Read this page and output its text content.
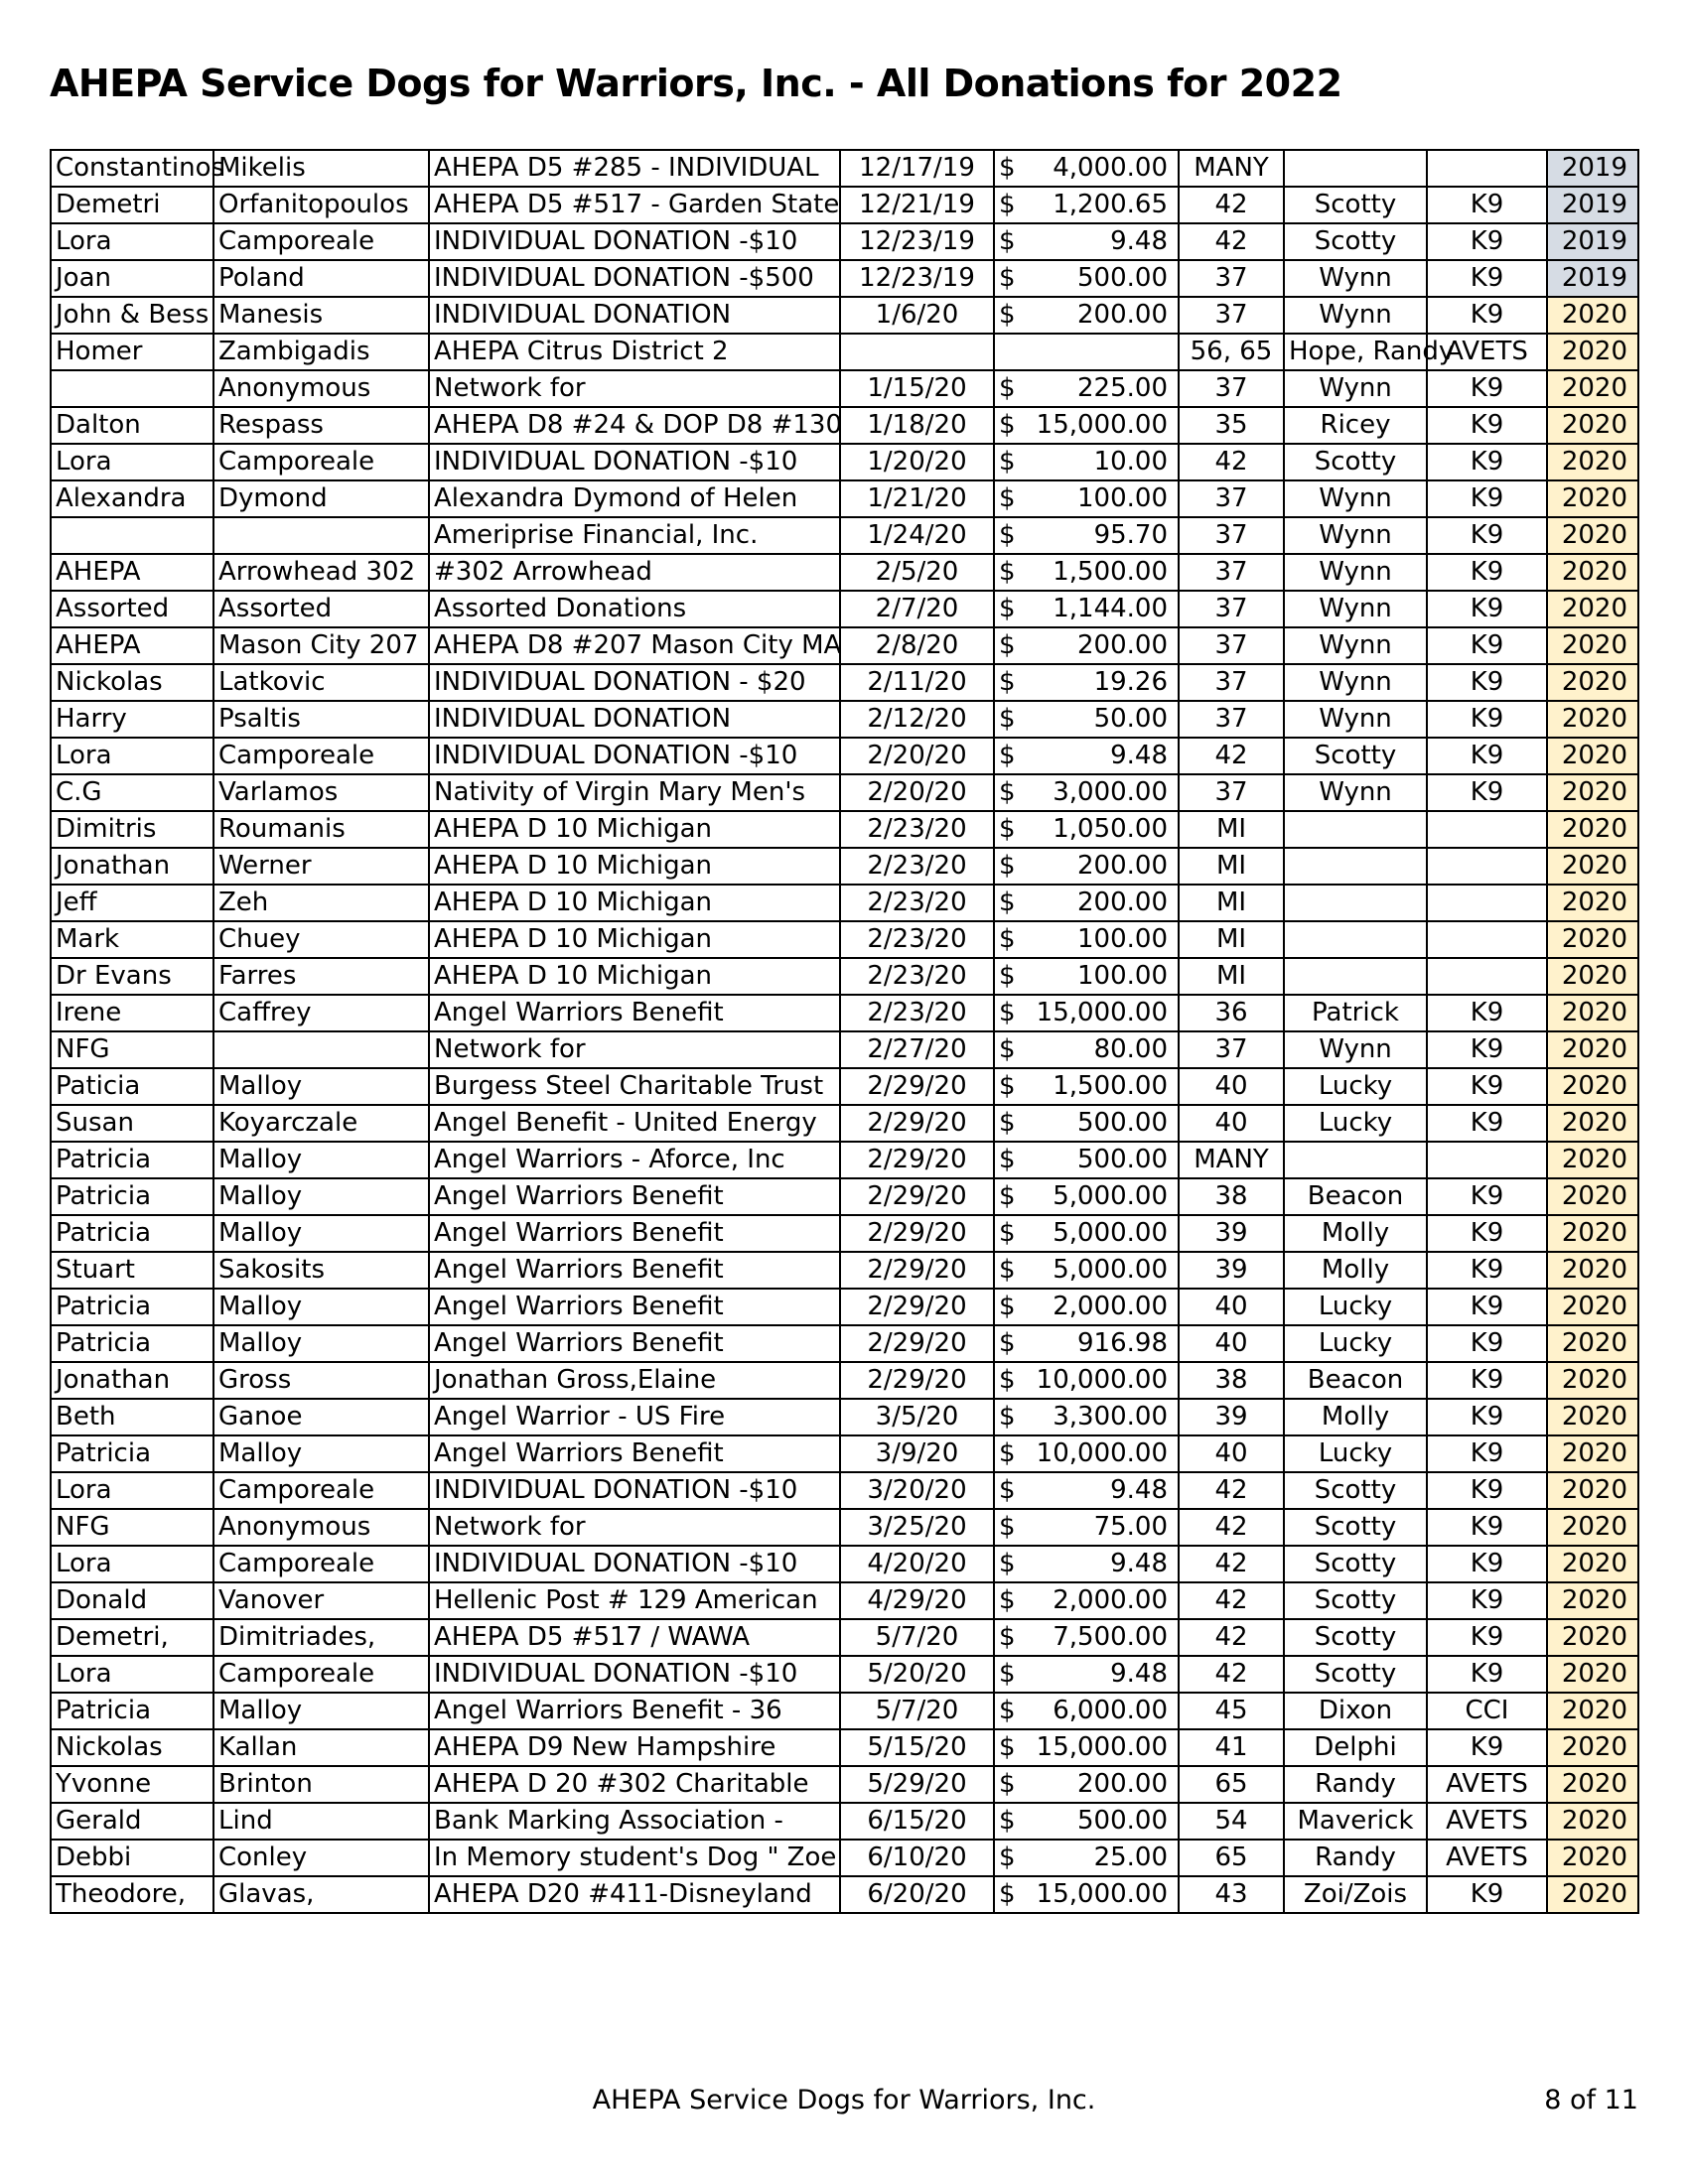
AHEPA Service Dogs for Warriors, Inc. - All Donations for 2022
Constantinos	Mikelis	AHEPA D5 #285 - INDIVIDUAL	12/17/19	$ 4,000.00	MANY			2019
Demetri	Orfanitopoulos	AHEPA D5 #517 - Garden State	12/21/19	$ 1,200.65	42	Scotty	K9	2019
Lora	Camporeale	INDIVIDUAL DONATION -$10	12/23/19	$ 9.48	42	Scotty	K9	2019
Joan	Poland	INDIVIDUAL DONATION -$500	12/23/19	$ 500.00	37	Wynn	K9	2019
John & Bess	Manesis	INDIVIDUAL DONATION	1/6/20	$ 200.00	37	Wynn	K9	2020
Homer	Zambigadis	AHEPA Citrus District 2			56, 65	Hope, Randy	AVETS	2020
	Anonymous	Network for	1/15/20	$ 225.00	37	Wynn	K9	2020
Dalton	Respass	AHEPA D8 #24 & DOP D8 #130	1/18/20	$ 15,000.00	35	Ricey	K9	2020
Lora	Camporeale	INDIVIDUAL DONATION -$10	1/20/20	$ 10.00	42	Scotty	K9	2020
Alexandra	Dymond	Alexandra Dymond of Helen	1/21/20	$ 100.00	37	Wynn	K9	2020
		Ameriprise Financial, Inc.	1/24/20	$ 95.70	37	Wynn	K9	2020
AHEPA	Arrowhead 302	#302 Arrowhead	2/5/20	$ 1,500.00	37	Wynn	K9	2020
Assorted	Assorted	Assorted Donations	2/7/20	$ 1,144.00	37	Wynn	K9	2020
AHEPA	Mason City 207	AHEPA D8 #207 Mason City MA	2/8/20	$ 200.00	37	Wynn	K9	2020
Nickolas	Latkovic	INDIVIDUAL DONATION - $20	2/11/20	$ 19.26	37	Wynn	K9	2020
Harry	Psaltis	INDIVIDUAL DONATION	2/12/20	$ 50.00	37	Wynn	K9	2020
Lora	Camporeale	INDIVIDUAL DONATION -$10	2/20/20	$ 9.48	42	Scotty	K9	2020
C.G	Varlamos	Nativity of Virgin Mary Men's	2/20/20	$ 3,000.00	37	Wynn	K9	2020
Dimitris	Roumanis	AHEPA D 10 Michigan	2/23/20	$ 1,050.00	MI			2020
Jonathan	Werner	AHEPA D 10 Michigan	2/23/20	$ 200.00	MI			2020
Jeff	Zeh	AHEPA D 10 Michigan	2/23/20	$ 200.00	MI			2020
Mark	Chuey	AHEPA D 10 Michigan	2/23/20	$ 100.00	MI			2020
Dr Evans	Farres	AHEPA D 10 Michigan	2/23/20	$ 100.00	MI			2020
Irene	Caffrey	Angel Warriors Benefit	2/23/20	$ 15,000.00	36	Patrick	K9	2020
NFG		Network for	2/27/20	$ 80.00	37	Wynn	K9	2020
Paticia	Malloy	Burgess Steel Charitable Trust	2/29/20	$ 1,500.00	40	Lucky	K9	2020
Susan	Koyarczale	Angel Benefit - United Energy	2/29/20	$ 500.00	40	Lucky	K9	2020
Patricia	Malloy	Angel Warriors - Aforce, Inc	2/29/20	$ 500.00	MANY			2020
Patricia	Malloy	Angel Warriors Benefit	2/29/20	$ 5,000.00	38	Beacon	K9	2020
Patricia	Malloy	Angel Warriors Benefit	2/29/20	$ 5,000.00	39	Molly	K9	2020
Stuart	Sakosits	Angel Warriors Benefit	2/29/20	$ 5,000.00	39	Molly	K9	2020
Patricia	Malloy	Angel Warriors Benefit	2/29/20	$ 2,000.00	40	Lucky	K9	2020
Patricia	Malloy	Angel Warriors Benefit	2/29/20	$ 916.98	40	Lucky	K9	2020
Jonathan	Gross	Jonathan Gross,Elaine	2/29/20	$ 10,000.00	38	Beacon	K9	2020
Beth	Ganoe	Angel Warrior - US Fire	3/5/20	$ 3,300.00	39	Molly	K9	2020
Patricia	Malloy	Angel Warriors Benefit	3/9/20	$ 10,000.00	40	Lucky	K9	2020
Lora	Camporeale	INDIVIDUAL DONATION -$10	3/20/20	$ 9.48	42	Scotty	K9	2020
NFG	Anonymous	Network for	3/25/20	$ 75.00	42	Scotty	K9	2020
Lora	Camporeale	INDIVIDUAL DONATION -$10	4/20/20	$ 9.48	42	Scotty	K9	2020
Donald	Vanover	Hellenic Post # 129 American	4/29/20	$ 2,000.00	42	Scotty	K9	2020
Demetri,	Dimitriades,	AHEPA D5 #517 / WAWA	5/7/20	$ 7,500.00	42	Scotty	K9	2020
Lora	Camporeale	INDIVIDUAL DONATION -$10	5/20/20	$ 9.48	42	Scotty	K9	2020
Patricia	Malloy	Angel Warriors Benefit - 36	5/7/20	$ 6,000.00	45	Dixon	CCI	2020
Nickolas	Kallan	AHEPA D9 New Hampshire	5/15/20	$ 15,000.00	41	Delphi	K9	2020
Yvonne	Brinton	AHEPA D 20 #302 Charitable	5/29/20	$ 200.00	65	Randy	AVETS	2020
Gerald	Lind	Bank Marking Association -	6/15/20	$ 500.00	54	Maverick	AVETS	2020
Debbi	Conley	In Memory student's Dog " Zoe	6/10/20	$ 25.00	65	Randy	AVETS	2020
Theodore,	Glavas,	AHEPA D20 #411-Disneyland	6/20/20	$ 15,000.00	43	Zoi/Zois	K9	2020
AHEPA Service Dogs for Warriors, Inc.	8 of 11
